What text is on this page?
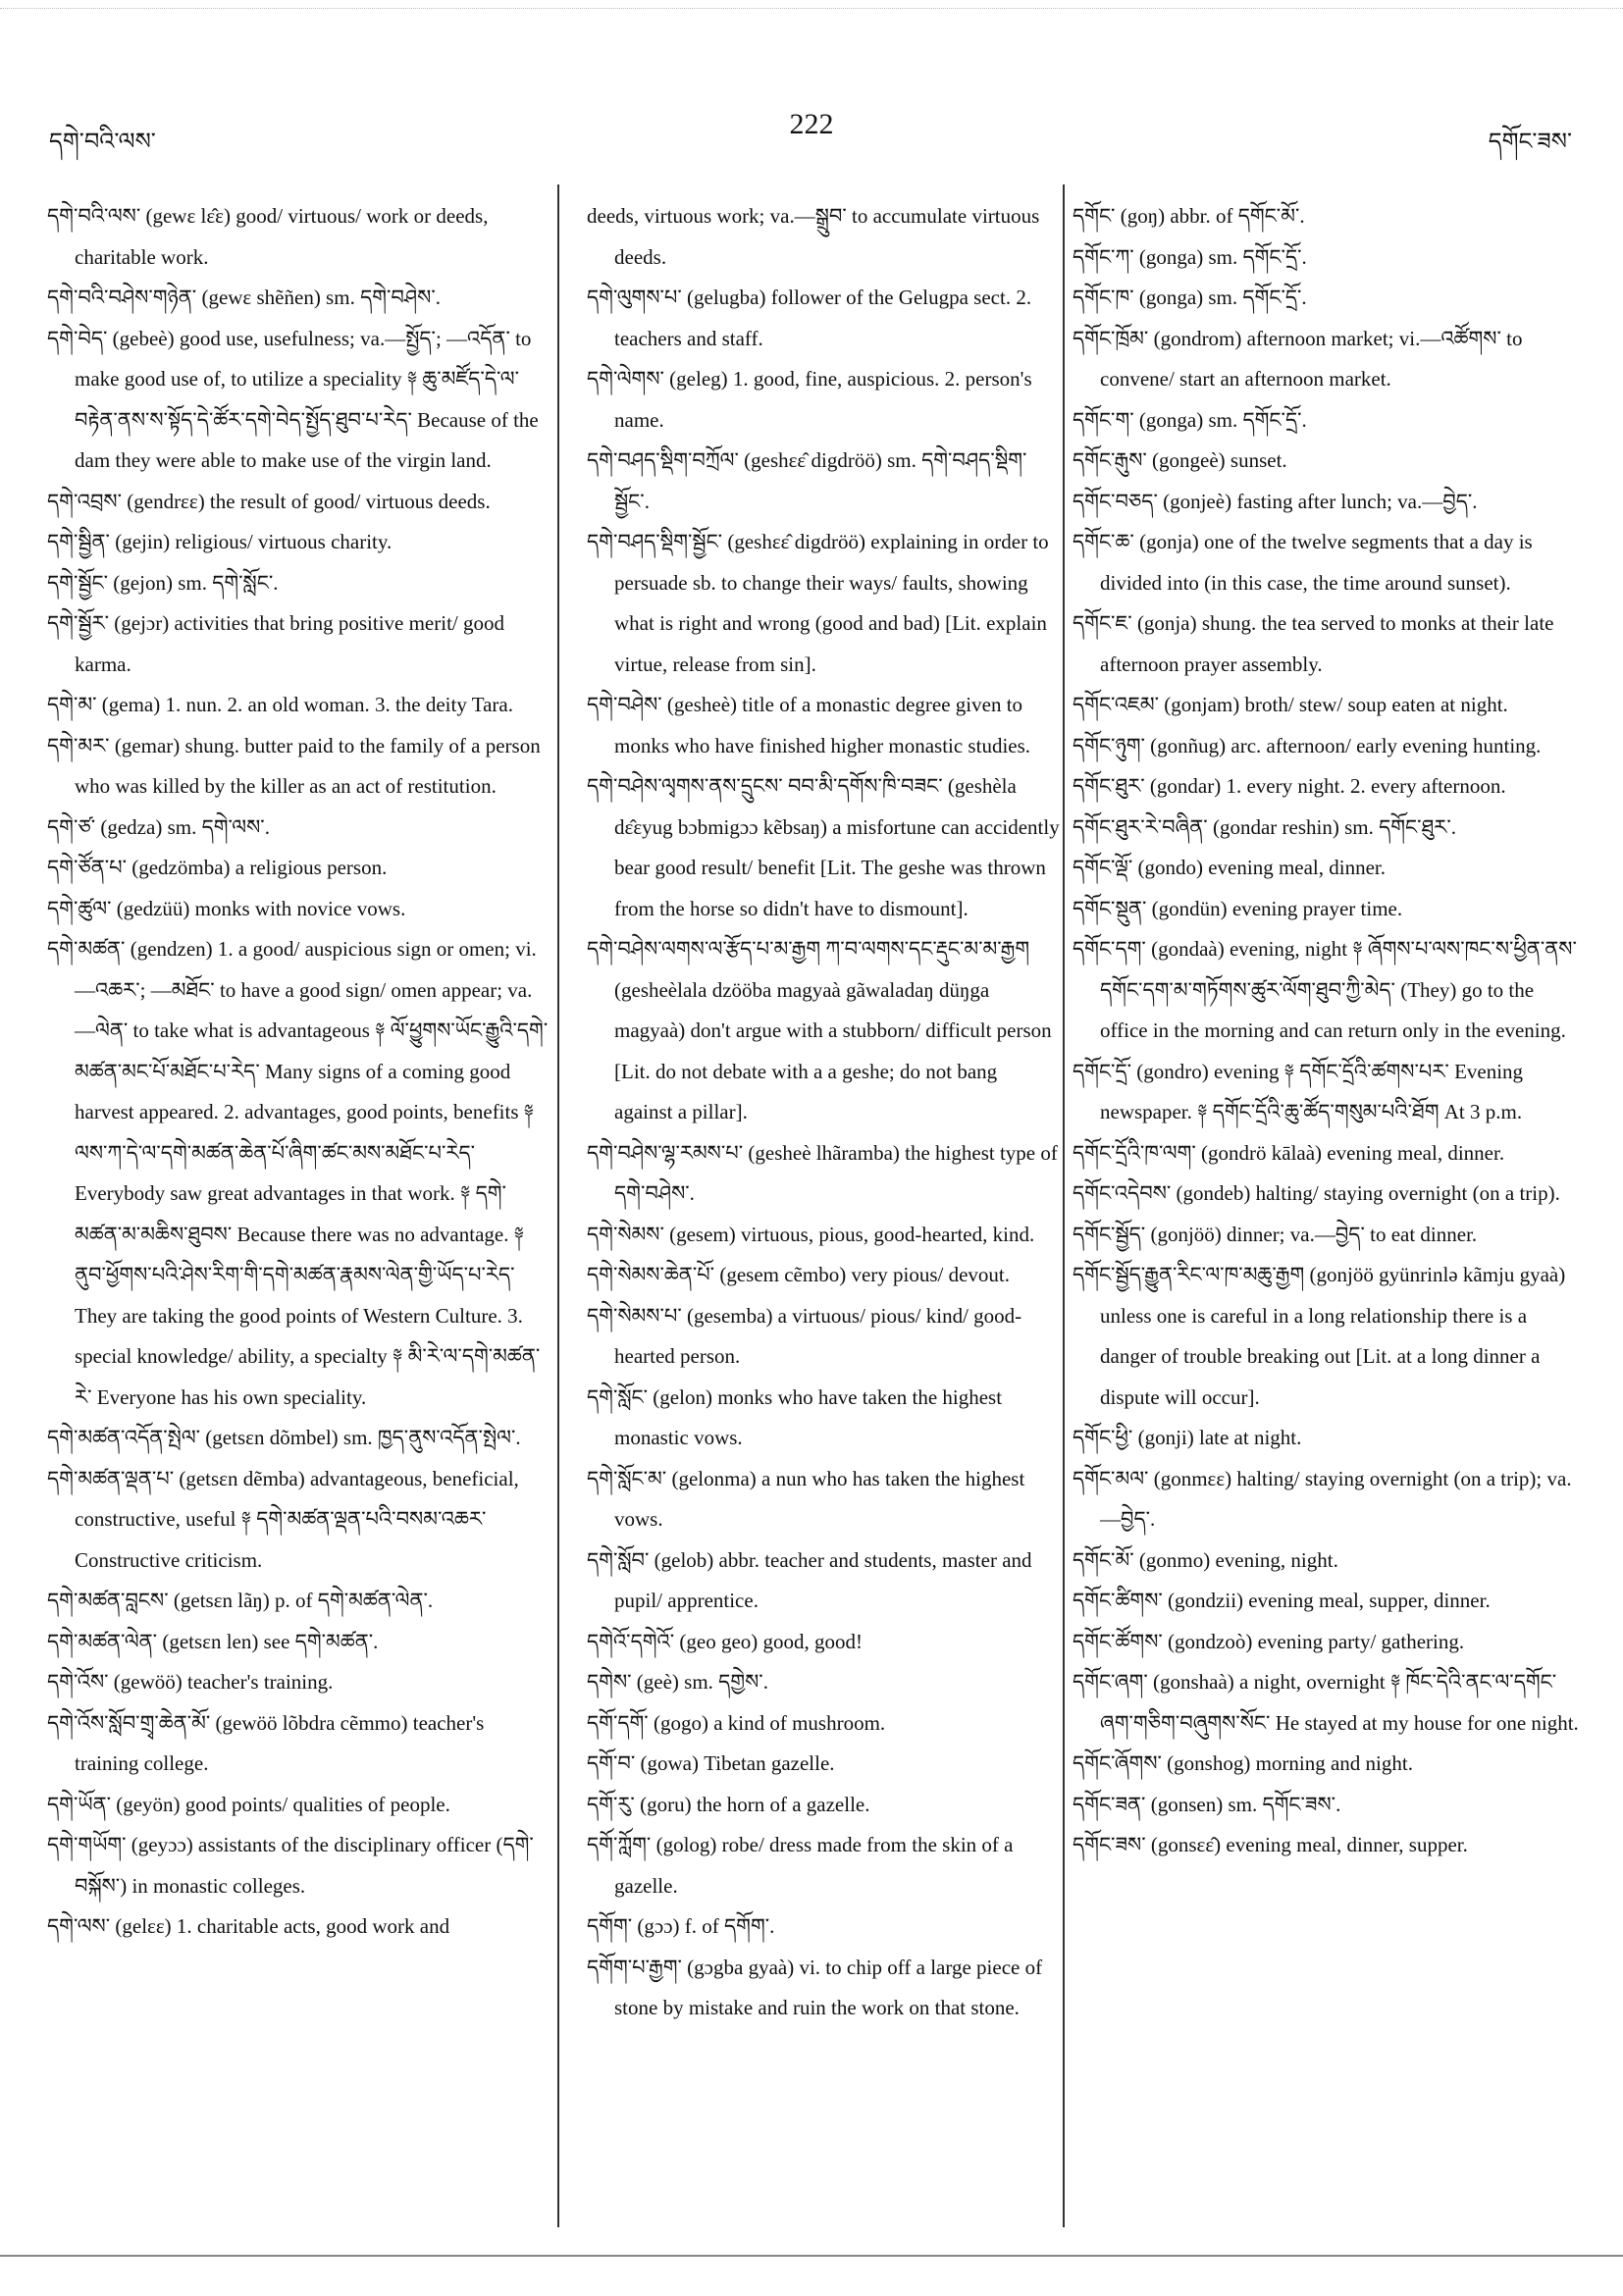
དགེ་བའི་ལས་
222
དགོང་ཟས་

དགེ་བའི་ལས་ (gewɛ lɛ̂ɛ) good/ virtuous/ work or deeds, charitable work.

དགེ་བའི་བཤེས་གཉེན་ (gewɛ shẽñen) sm. དགེ་བཤེས་.

དགེ་བེད་ (gebeè) good use, usefulness; va.—སྤྱོད་; —འདོན་ to make good use of, to utilize a speciality ༈ ཆུ་མཛོད་དེ་ལ་བརྟེན་ནས་ས་སྟོད་དེ་ཚོར་དགེ་བེད་སྤྱོད་ཐུབ་པ་རེད་ Because of the dam they were able to make use of the virgin land.

དགེ་འབྲས་ (gendrɛɛ) the result of good/ virtuous deeds.

དགེ་སྦྱིན་ (gejin) religious/ virtuous charity.

དགེ་སྦྱོང་ (gejon) sm. དགེ་སློང་.

དགེ་སྦྱོར་ (gejɔr) activities that bring positive merit/ good karma.

དགེ་མ་ (gema) 1. nun. 2. an old woman. 3. the deity Tara.

དགེ་མར་ (gemar) shung. butter paid to the family of a person who was killed by the killer as an act of restitution.

དགེ་ཙ་ (gedza) sm. དགེ་ལས་.

དགེ་ཙོན་པ་ (gedzömba) a religious person.

དགེ་ཚུལ་ (gedzüü) monks with novice vows.

དགེ་མཚན་ (gendzen) 1. a good/ auspicious sign or omen; vi.—འཆར་; —མཐོང་ to have a good sign/ omen appear; va.—ལེན་ to take what is advantageous ༈ ལོ་ཕྱུགས་ཡོང་རྒྱུའི་དགེ་མཚན་མང་པོ་མཐོང་པ་རེད་ Many signs of a coming good harvest appeared. 2. advantages, good points, benefits ༈ ལས་ཀ་དེ་ལ་དགེ་མཚན་ཆེན་པོ་ཞིག་ཚང་མས་མཐོང་པ་རེད་ Everybody saw great advantages in that work. ༈ དགེ་མཚན་མ་མཆིས་ཐུབས་ Because there was no advantage. ༈ ནུབ་ཕྱོགས་པའི་ཤེས་རིག་གི་དགེ་མཚན་རྣམས་ལེན་གྱི་ཡོད་པ་རེད་ They are taking the good points of Western Culture. 3. special knowledge/ ability, a specialty ༈ མི་རེ་ལ་དགེ་མཚན་རེ་ Everyone has his own speciality.

དགེ་མཚན་འདོན་སྤེལ་ (getsɛn dõmbel) sm. ཁྱད་ནུས་འདོན་སྤེལ་.

དགེ་མཚན་ལྡན་པ་ (getsɛn dẽmba) advantageous, beneficial, constructive, useful ༈ དགེ་མཚན་ལྡན་པའི་བསམ་འཆར་ Constructive criticism.

དགེ་མཚན་བླངས་ (getsɛn lãŋ) p. of དགེ་མཚན་ལེན་.

དགེ་མཚན་ལེན་ (getsɛn len) see དགེ་མཚན་.

དགེ་འོས་ (gewöö) teacher's training.

དགེ་འོས་སློབ་གྲྭ་ཆེན་མོ་ (gewöö lõbdra cẽmmo) teacher's training college.

དགེ་ཡོན་ (geyön) good points/ qualities of people.

དགེ་གཡོག་ (geyɔɔ) assistants of the disciplinary officer (དགེ་བསྐོས་) in monastic colleges.

དགེ་ལས་ (gelɛɛ) 1. charitable acts, good work and

deeds, virtuous work; va.—སྒྲུབ་ to accumulate virtuous deeds.

དགེ་ལུགས་པ་ (gelugba) follower of the Gelugpa sect. 2. teachers and staff.

དགེ་ལེགས་ (geleg) 1. good, fine, auspicious. 2. person's name.

དགེ་བཤད་སྡིག་བཀྲོལ་ (geshɛɛ̂ digdröö) sm. དགེ་བཤད་སྡིག་སྦྱོང་.

དགེ་བཤད་སྡིག་སྦྱོང་ (geshɛɛ̂ digdröö) explaining in order to persuade sb. to change their ways/ faults, showing what is right and wrong (good and bad) [Lit. explain virtue, release from sin].

དགེ་བཤེས་ (gesheè) title of a monastic degree given to monks who have finished higher monastic studies.

དགེ་བཤེས་ལྭགས་ནས་དྲུངས་ བབ་མི་དགོས་ཁི་བཟང་ (geshèla dɛ̂ɛyug bɔbmigɔɔ kẽbsaŋ) a misfortune can accidently bear good result/ benefit [Lit. The geshe was thrown from the horse so didn't have to dismount].

དགེ་བཤེས་ལགས་ལ་རྩོད་པ་མ་རྒྱག ཀ་བ་ལགས་དང་རྡུང་མ་མ་རྒྱག (gesheèlala dzööba magyaà gãwaladaŋ düŋga magyaà) don't argue with a stubborn/ difficult person [Lit. do not debate with a a geshe; do not bang against a pillar].

དགེ་བཤེས་ལྷ་རམས་པ་ (gesheè lhãramba) the highest type of དགེ་བཤེས་.

དགེ་སེམས་ (gesem) virtuous, pious, good-hearted, kind.

དགེ་སེམས་ཆེན་པོ་ (gesem cẽmbo) very pious/ devout.

དགེ་སེམས་པ་ (gesemba) a virtuous/ pious/ kind/ good-hearted person.

དགེ་སློང་ (gelon) monks who have taken the highest monastic vows.

དགེ་སློང་མ་ (gelonma) a nun who has taken the highest vows.

དགེ་སློབ་ (gelob) abbr. teacher and students, master and pupil/ apprentice.

དགེའོ་དགེའོ་ (geo geo) good, good!

དགེས་ (geè) sm. དགྱེས་.

དགོ་དགོ་ (gogo) a kind of mushroom.

དགོ་བ་ (gowa) Tibetan gazelle.

དགོ་རུ་ (goru) the horn of a gazelle.

དགོ་ཀློག་ (golog) robe/ dress made from the skin of a gazelle.

དགོག་ (gɔɔ) f. of དགོག་.

དགོག་པ་རྒྱག་ (gɔgba gyaà) vi. to chip off a large piece of stone by mistake and ruin the work on that stone.

དགོང་ (goŋ) abbr. of དགོང་མོ་.

དགོང་ཀ་ (gonga) sm. དགོང་དྲོ་.

དགོང་ཁ་ (gonga) sm. དགོང་དྲོ་.

དགོང་ཁྲོམ་ (gondrom) afternoon market; vi.—འཚོགས་ to convene/ start an afternoon market.

དགོང་ག་ (gonga) sm. དགོང་དྲོ་.

དགོང་རྒུས་ (gongeè) sunset.

དགོང་བཅད་ (gonjeè) fasting after lunch; va.—བྱེད་.

དགོང་ཆ་ (gonja) one of the twelve segments that a day is divided into (in this case, the time around sunset).

དགོང་ཇ་ (gonja) shung. the tea served to monks at their late afternoon prayer assembly.

དགོང་འཇམ་ (gonjam) broth/ stew/ soup eaten at night.

དགོང་ཉུག་ (gonñug) arc. afternoon/ early evening hunting.

དགོང་ཐུར་ (gondar) 1. every night. 2. every afternoon.

དགོང་ཐུར་རེ་བཞིན་ (gondar reshin) sm. དགོང་ཐུར་.

དགོང་ལྡོ་ (gondo) evening meal, dinner.

དགོང་སྡུན་ (gondün) evening prayer time.

དགོང་དག་ (gondaà) evening, night ༈ ཞོགས་པ་ལས་ཁང་ས་ཕྱིན་ནས་དགོང་དག་མ་གཏོགས་ཚུར་ལོག་ཐུབ་ཀྱི་མེད་ (They) go to the office in the morning and can return only in the evening.

དགོང་དྲོ་ (gondro) evening ༈ དགོང་དྲོའི་ཚགས་པར་ Evening newspaper. ༈ དགོང་དྲོའི་ཆུ་ཚོད་གསུམ་པའི་ཐོག At 3 p.m.

དགོང་དྲོའི་ཁ་ལག་ (gondrö kālaà) evening meal, dinner.

དགོང་འདེབས་ (gondeb) halting/ staying overnight (on a trip).

དགོང་སྦྱོད་ (gonjöö) dinner; va.—བྱེད་ to eat dinner.

དགོང་སྦྱོད་རྒྱུན་རིང་ལ་ཁ་མཆུ་རྒྱག (gonjöö gyünrinlə kãmju gyaà) unless one is careful in a long relationship there is a danger of trouble breaking out [Lit. at a long dinner a dispute will occur].

དགོང་ཕྱི་ (gonji) late at night.

དགོང་མལ་ (gonmɛɛ) halting/ staying overnight (on a trip); va.—བྱེད་.

དགོང་མོ་ (gonmo) evening, night.

དགོང་ཚིགས་ (gondzii) evening meal, supper, dinner.

དགོང་ཚོགས་ (gondzoò) evening party/ gathering.

དགོང་ཞག་ (gonshaà) a night, overnight ༈ ཁོང་དེའི་ནང་ལ་དགོང་ཞག་གཅིག་བཞུགས་སོང་ He stayed at my house for one night.

དགོང་ཞོགས་ (gonshog) morning and night.

དགོང་ཟན་ (gonsen) sm. དགོང་ཟས་.

དགོང་ཟས་ (gonsɛɛ̂) evening meal, dinner, supper.
